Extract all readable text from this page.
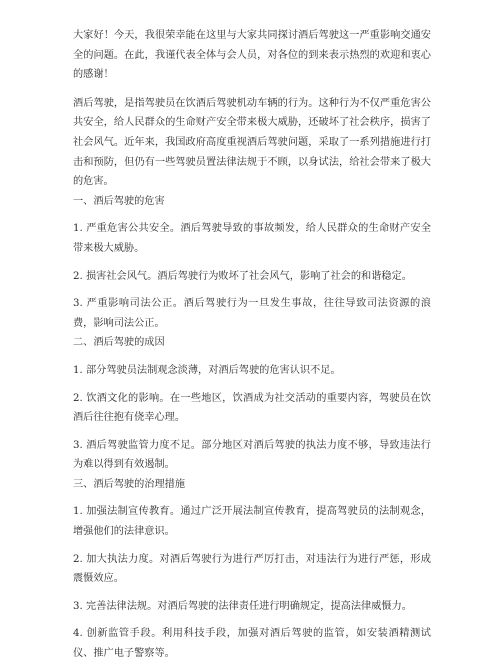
大家好！今天，我很荣幸能在这里与大家共同探讨酒后驾驶这一严重影响交通安全的问题。在此，我谨代表全体与会人员，对各位的到来表示热烈的欢迎和衷心的感谢！

酒后驾驶，是指驾驶员在饮酒后驾驶机动车辆的行为。这种行为不仅严重危害公共安全，给人民群众的生命财产安全带来极大威胁，还破坏了社会秩序，损害了社会风气。近年来，我国政府高度重视酒后驾驶问题，采取了一系列措施进行打击和预防，但仍有一些驾驶员置法律法规于不顾，以身试法，给社会带来了极大的危害。

一、酒后驾驶的危害

1. 严重危害公共安全。酒后驾驶导致的事故频发，给人民群众的生命财产安全带来极大威胁。

2. 损害社会风气。酒后驾驶行为败坏了社会风气，影响了社会的和谐稳定。

3. 严重影响司法公正。酒后驾驶行为一旦发生事故，往往导致司法资源的浪费，影响司法公正。

二、酒后驾驶的成因

1. 部分驾驶员法制观念淡薄，对酒后驾驶的危害认识不足。

2. 饮酒文化的影响。在一些地区，饮酒成为社交活动的重要内容，驾驶员在饮酒后往往抱有侥幸心理。

3. 酒后驾驶监管力度不足。部分地区对酒后驾驶的执法力度不够，导致违法行为难以得到有效遏制。

三、酒后驾驶的治理措施

1. 加强法制宣传教育。通过广泛开展法制宣传教育，提高驾驶员的法制观念，增强他们的法律意识。

2. 加大执法力度。对酒后驾驶行为进行严厉打击，对违法行为进行严惩，形成震慑效应。

3. 完善法律法规。对酒后驾驶的法律责任进行明确规定，提高法律威慑力。

4. 创新监管手段。利用科技手段，加强对酒后驾驶的监管，如安装酒精测试仪、推广电子警察等。
